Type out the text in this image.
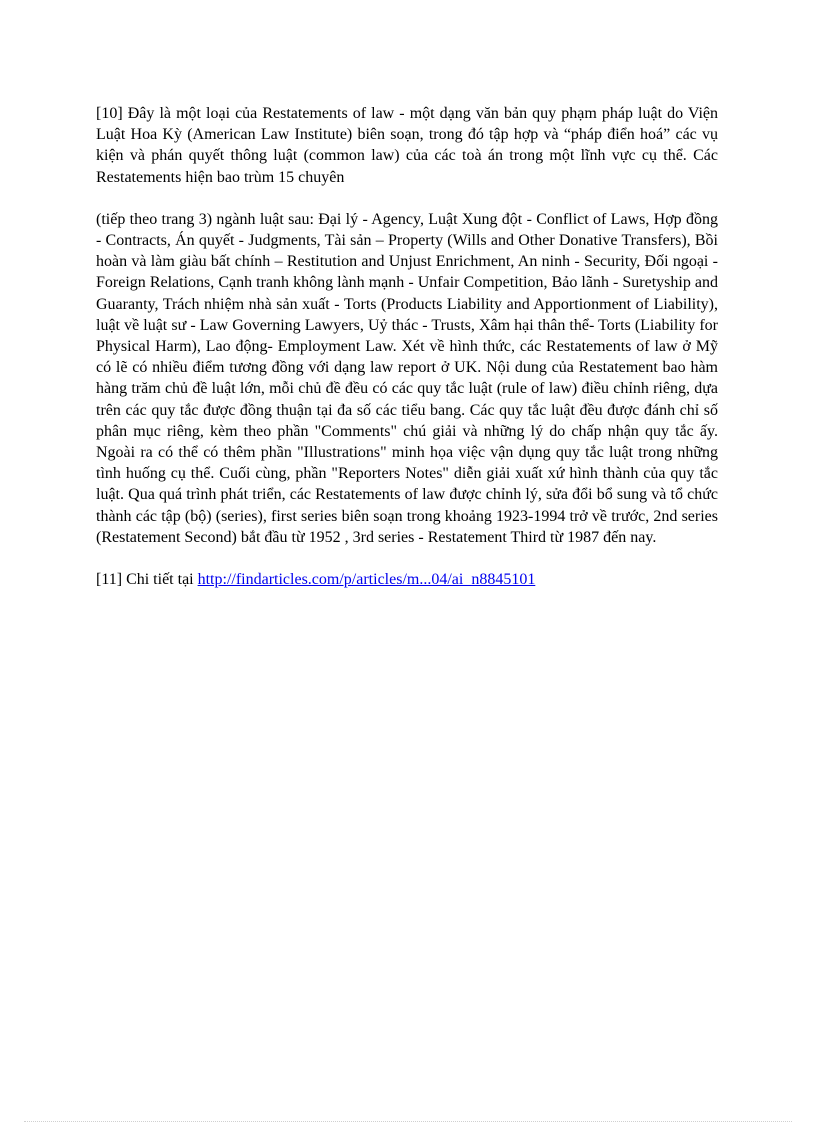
[10] Đây là một loại của Restatements of law - một dạng văn bản quy phạm pháp luật do Viện Luật Hoa Kỳ (American Law Institute) biên soạn, trong đó tập hợp và “pháp điển hoá” các vụ kiện và phán quyết thông luật (common law) của các toà án trong một lĩnh vực cụ thể. Các Restatements hiện bao trùm 15 chuyên

(tiếp theo trang 3) ngành luật sau: Đại lý - Agency, Luật Xung đột - Conflict of Laws, Hợp đồng - Contracts, Án quyết - Judgments, Tài sản – Property (Wills and Other Donative Transfers), Bồi hoàn và làm giàu bất chính – Restitution and Unjust Enrichment, An ninh - Security, Đối ngoại - Foreign Relations, Cạnh tranh không lành mạnh - Unfair Competition, Bảo lãnh - Suretyship and Guaranty, Trách nhiệm nhà sản xuất - Torts (Products Liability and Apportionment of Liability), luật về luật sư - Law Governing Lawyers, Uỷ thác - Trusts, Xâm hại thân thể- Torts (Liability for Physical Harm), Lao động- Employment Law. Xét về hình thức, các Restatements of law ở Mỹ có lẽ có nhiều điểm tương đồng với dạng law report ở UK. Nội dung của Restatement bao hàm hàng trăm chủ đề luật lớn, mỗi chủ đề đều có các quy tắc luật (rule of law) điều chỉnh riêng, dựa trên các quy tắc được đồng thuận tại đa số các tiểu bang. Các quy tắc luật đều được đánh chỉ số phân mục riêng, kèm theo phần "Comments" chú giải và những lý do chấp nhận quy tắc ấy. Ngoài ra có thể có thêm phần "Illustrations" minh họa việc vận dụng quy tắc luật trong những tình huống cụ thể. Cuối cùng, phần "Reporters Notes" diễn giải xuất xứ hình thành của quy tắc luật. Qua quá trình phát triển, các Restatements of law được chỉnh lý, sửa đổi bổ sung và tổ chức thành các tập (bộ) (series), first series biên soạn trong khoảng 1923-1994 trở về trước, 2nd series (Restatement Second) bắt đầu từ 1952 , 3rd series - Restatement Third từ 1987 đến nay.

[11] Chi tiết tại http://findarticles.com/p/articles/m...04/ai_n8845101
